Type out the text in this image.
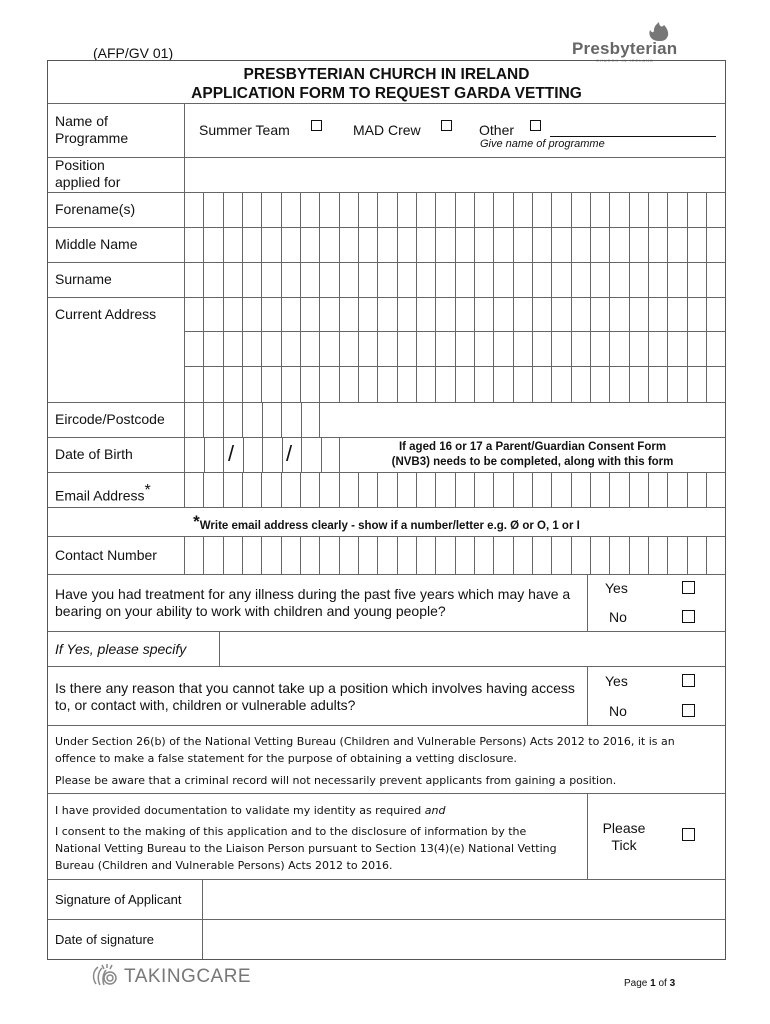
(AFP/GV 01)	Presbyterian
CHURCH IN IRELAND
PRESBYTERIAN CHURCH IN IRELAND
APPLICATION FORM TO REQUEST GARDA VETTING
Name of Programme	Summer Team	MAD Crew	Other
Give name of programme
Position applied for
Forename(s)
Middle Name
Surname
Current Address
Eircode/Postcode
Date of Birth	/ /	If aged 16 or 17 a Parent/Guardian Consent Form
(NVB3) needs to be completed, along with this form
Email Address*
*Write email address clearly - show if a number/letter e.g. Ø or O, 1 or I
Contact Number
Have you had treatment for any illness during the past five years which may have a bearing on your ability to work with children and young people?
Yes
No
If Yes, please specify
Is there any reason that you cannot take up a position which involves having access to, or contact with, children or vulnerable adults?
Yes
No
Under Section 26(b) of the National Vetting Bureau (Children and Vulnerable Persons) Acts 2012 to 2016, it is an offence to make a false statement for the purpose of obtaining a vetting disclosure.
Please be aware that a criminal record will not necessarily prevent applicants from gaining a position.
I have provided documentation to validate my identity as required and
I consent to the making of this application and to the disclosure of information by the National Vetting Bureau to the Liaison Person pursuant to Section 13(4)(e) National Vetting Bureau (Children and Vulnerable Persons) Acts 2012 to 2016.
Please
Tick
Signature of Applicant
Date of signature
TAKINGCARE	Page 1 of 3
